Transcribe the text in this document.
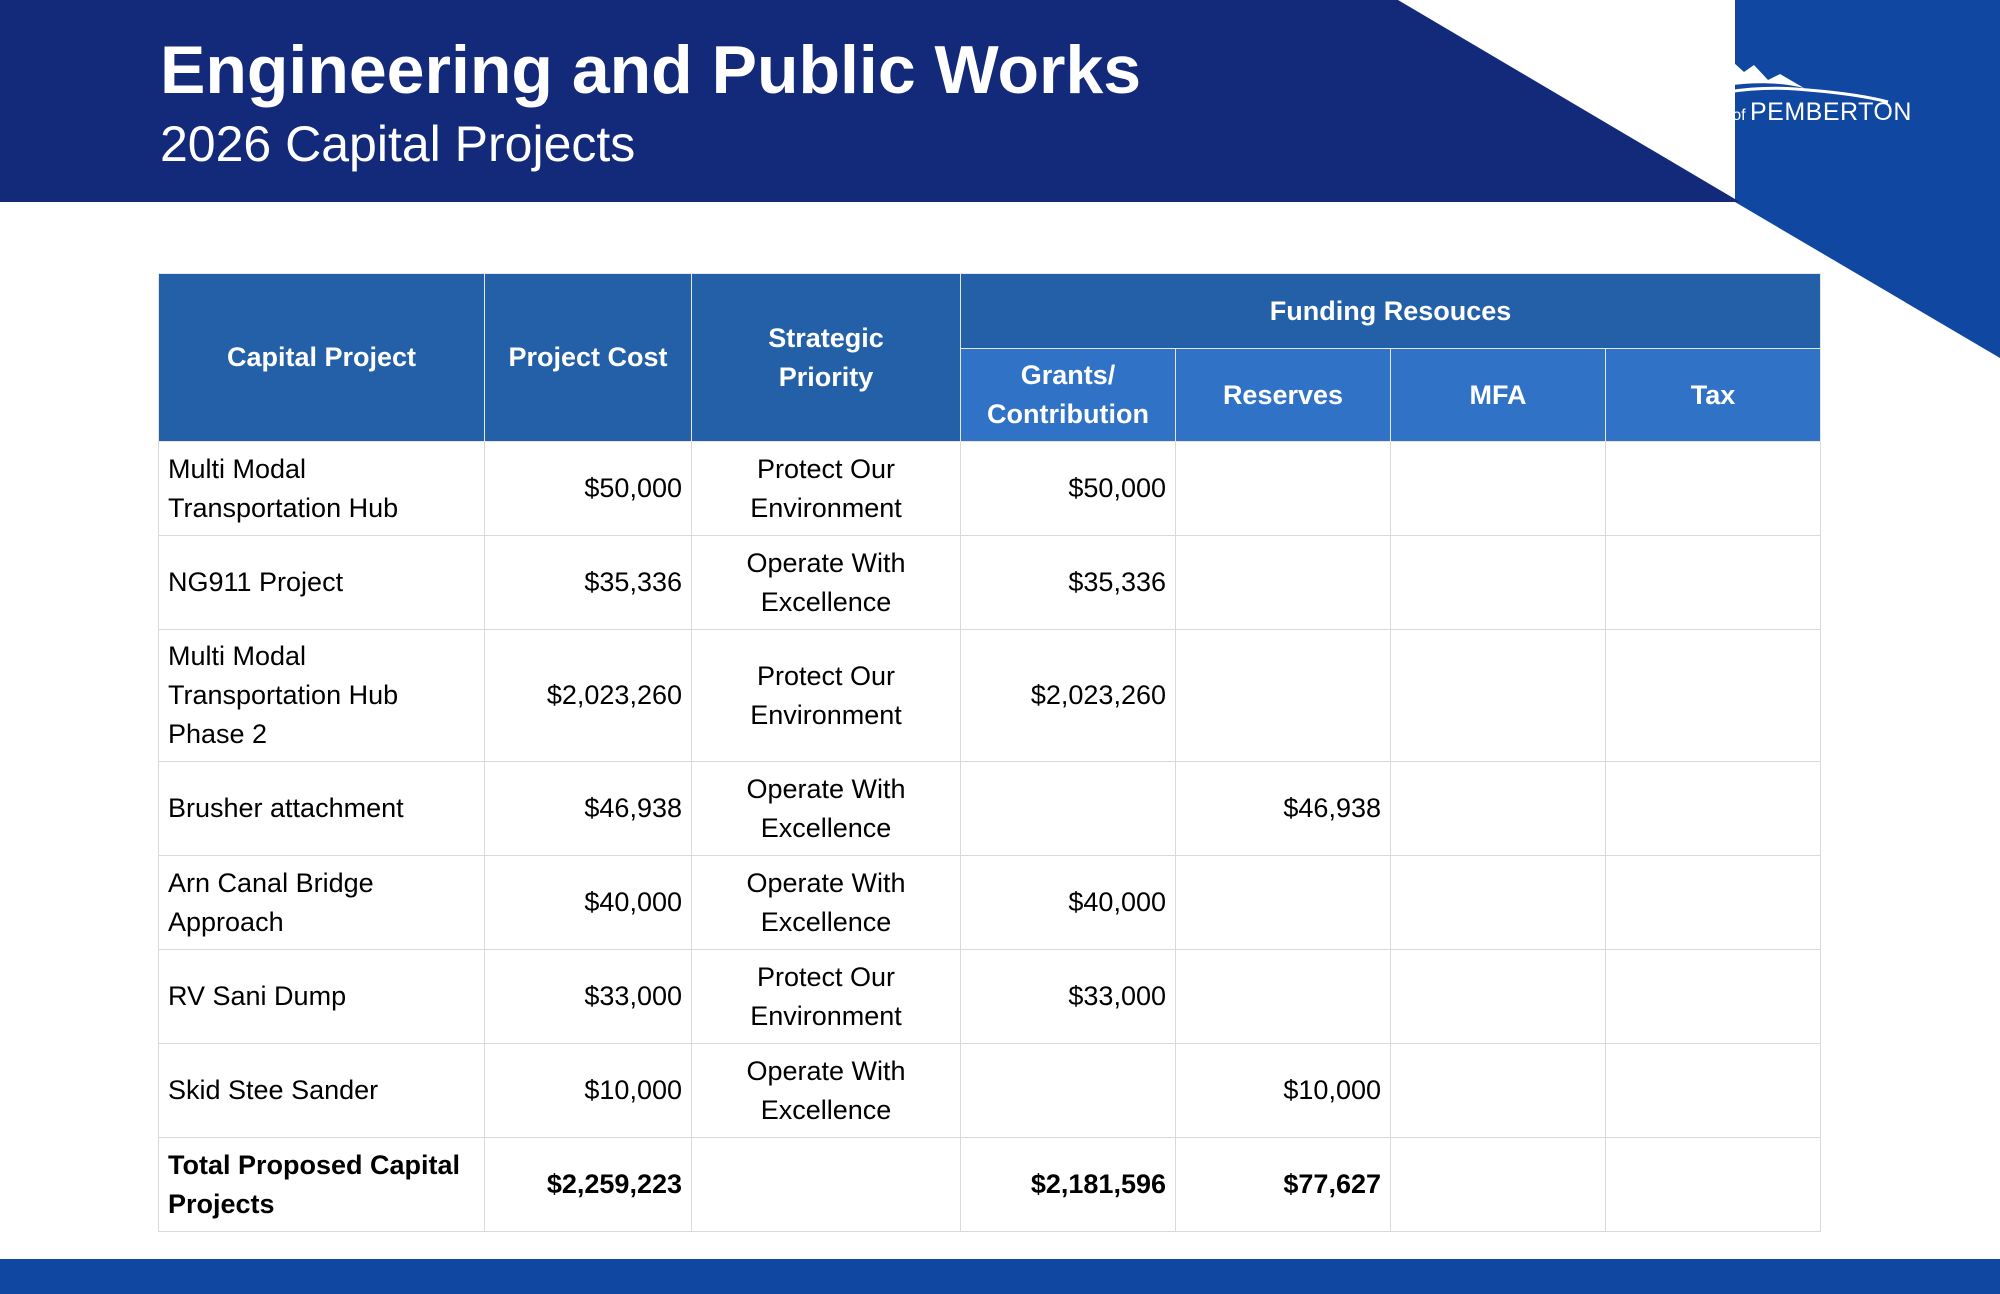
Engineering and Public Works
2026 Capital Projects
Village of PEMBERTON
Capital Project	Project Cost	Strategic Priority	Funding Resouces			
			Grants/ Contribution	Reserves	MFA	Tax
Multi Modal Transportation Hub	$50,000	Protect Our Environment	$50,000			
NG911 Project	$35,336	Operate With Excellence	$35,336			
Multi Modal Transportation Hub Phase 2	$2,023,260	Protect Our Environment	$2,023,260			
Brusher attachment	$46,938	Operate With Excellence		$46,938		
Arn Canal Bridge Approach	$40,000	Operate With Excellence	$40,000			
RV Sani Dump	$33,000	Protect Our Environment	$33,000			
Skid Stee Sander	$10,000	Operate With Excellence		$10,000		
Total Proposed Capital Projects	$2,259,223		$2,181,596	$77,627		
